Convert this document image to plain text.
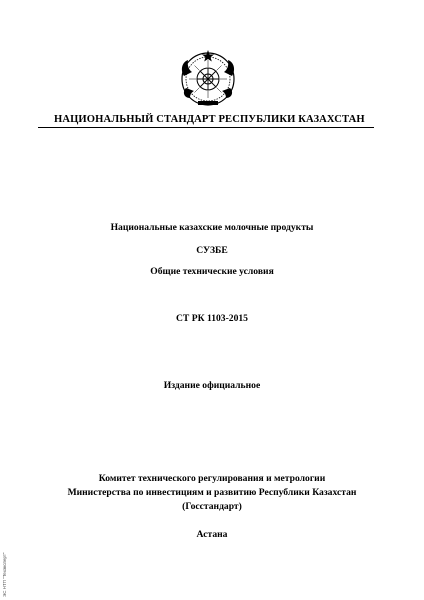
НАЦИОНАЛЬНЫЙ СТАНДАРТ РЕСПУБЛИКИ КАЗАХСТАН
Национальные казахские молочные продукты
СУЗБЕ
Общие технические условия
СТ РК 1103-2015
Издание официальное
Комитет технического регулирования и метрологии
Министерства по инвестициям и развитию Республики Казахстан
(Госстандарт)
Астана
ЭС НТП "Техэксперт"
